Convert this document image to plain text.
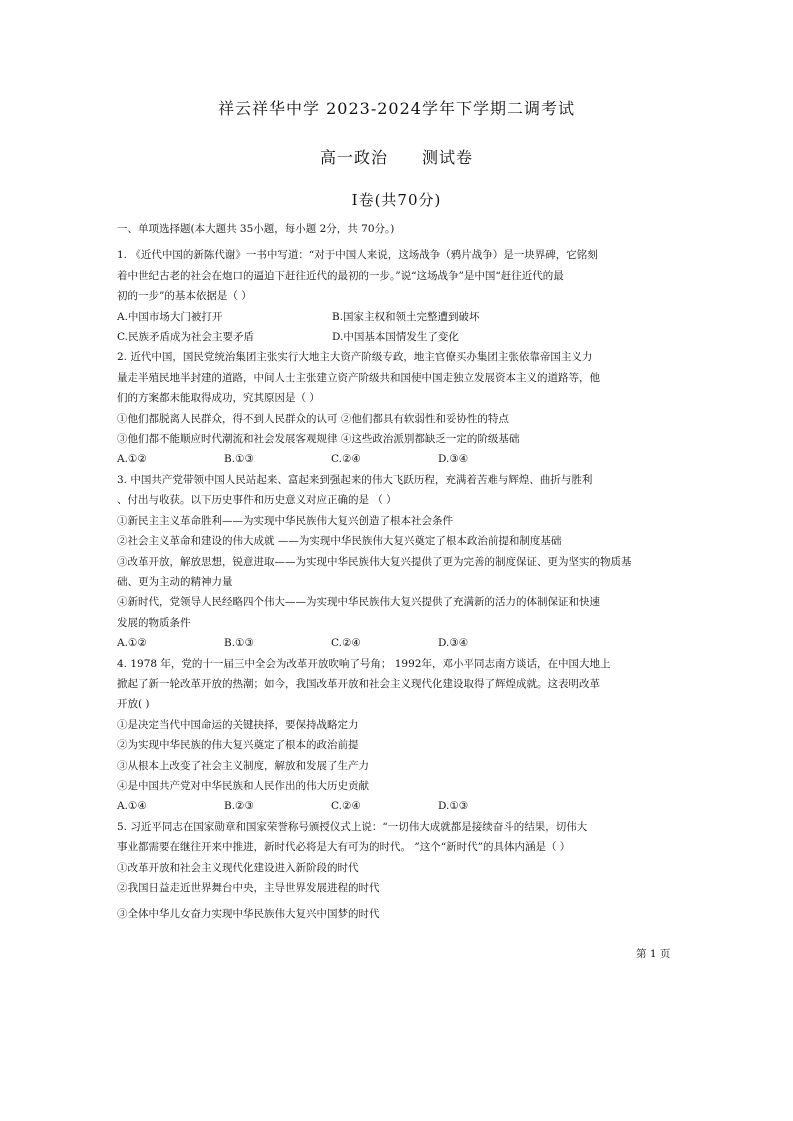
祥云祥华中学 2023-2024学年下学期二调考试
高一政治 测试卷
Ⅰ卷(共70分)

一、单项选择题(本大题共 35小题，每小题 2分，共 70分。)

1. 《近代中国的新陈代谢》一书中写道：“对于中国人来说，这场战争（鸦片战争）是一块界碑，它铭刻

着中世纪古老的社会在炮口的逼迫下赶往近代的最初的一步。”说“这场战争”是中国“赶往近代的最

初的一步”的基本依据是（ ）

A.中国市场大门被打开	B.国家主权和领土完整遭到破坏
C.民族矛盾成为社会主要矛盾	D.中国基本国情发生了变化

2. 近代中国，国民党统治集团主张实行大地主大资产阶级专政，地主官僚买办集团主张依靠帝国主义力

量走半殖民地半封建的道路，中间人士主张建立资产阶级共和国使中国走独立发展资本主义的道路等，他

们的方案都未能取得成功，究其原因是（ ）

①他们都脱离人民群众，得不到人民群众的认可 ②他们都具有软弱性和妥协性的特点

③他们都不能顺应时代潮流和社会发展客观规律 ④这些政治派别都缺乏一定的阶级基础

A.①②	B.①③	C.②④	D.③④

3. 中国共产党带领中国人民站起来、富起来到强起来的伟大飞跃历程，充满着苦难与辉煌、曲折与胜利

、付出与收获。以下历史事件和历史意义对应正确的是 （ ）

①新民主主义革命胜利——为实现中华民族伟大复兴创造了根本社会条件

②社会主义革命和建设的伟大成就 ——为实现中华民族伟大复兴奠定了根本政治前提和制度基础

③改革开放，解放思想，锐意进取——为实现中华民族伟大复兴提供了更为完善的制度保证、更为坚实的物质基

础、更为主动的精神力量

④新时代，党领导人民经略四个伟大——为实现中华民族伟大复兴提供了充满新的活力的体制保证和快速

发展的物质条件

A.①②	B.①③	C.②④	D.③④

4. 1978 年，党的十一届三中全会为改革开放吹响了号角； 1992年，邓小平同志南方谈话，在中国大地上

掀起了新一轮改革开放的热潮；如今，我国改革开放和社会主义现代化建设取得了辉煌成就。这表明改革

开放( )

①是决定当代中国命运的关键抉择，要保持战略定力

②为实现中华民族的伟大复兴奠定了根本的政治前提

③从根本上改变了社会主义制度，解放和发展了生产力

④是中国共产党对中华民族和人民作出的伟大历史贡献

A.①④	B.②③	C.②④	D.①③

5. 习近平同志在国家勋章和国家荣誉称号颁授仪式上说：“一切伟大成就都是接续奋斗的结果，切伟大

事业都需要在继往开来中推进，新时代必将是大有可为的时代。 ”这个“新时代”的具体内涵是（ ）

①改革开放和社会主义现代化建设进入新阶段的时代

②我国日益走近世界舞台中央，主导世界发展进程的时代

③全体中华儿女奋力实现中华民族伟大复兴中国梦的时代

第 1 页
